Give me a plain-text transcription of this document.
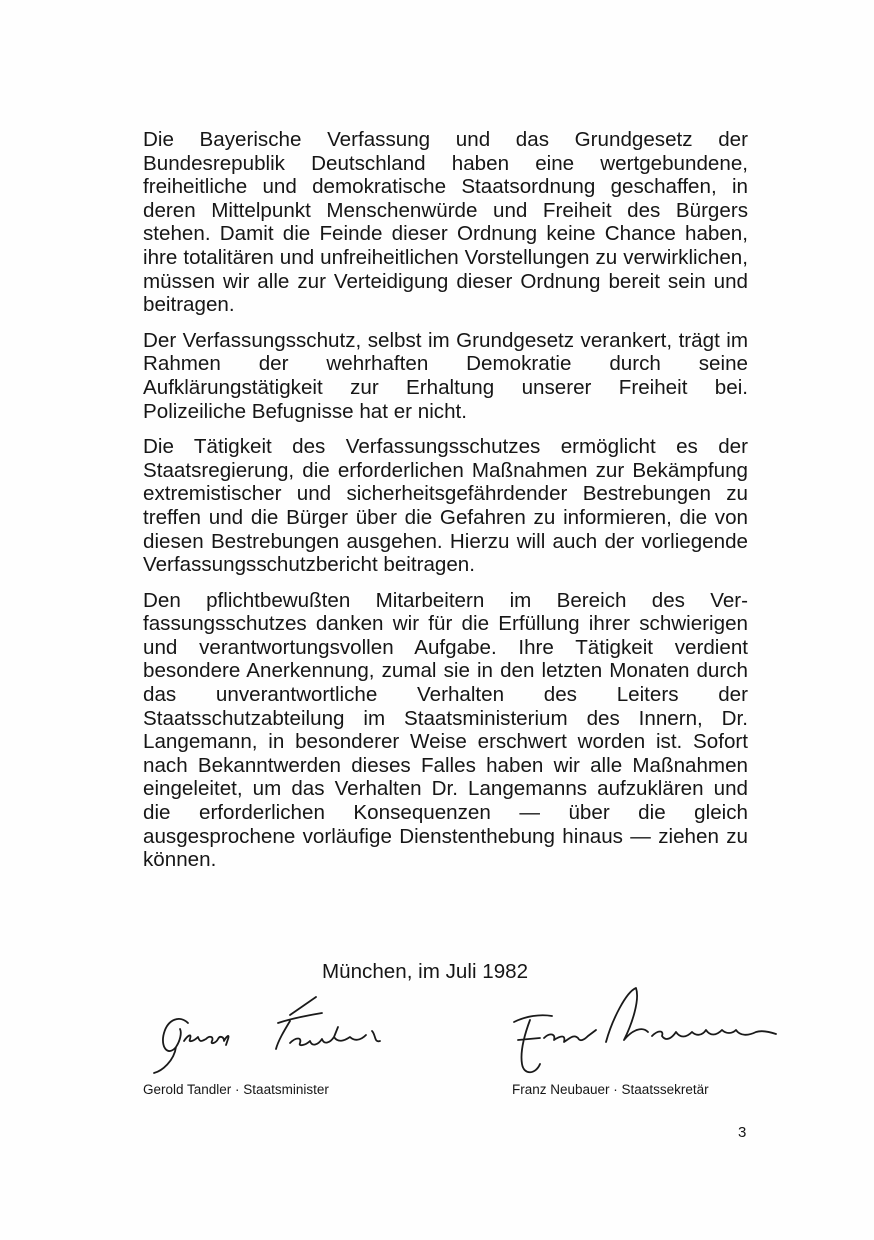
Die Bayerische Verfassung und das Grundgesetz der Bundesrepublik Deutschland haben eine wertgebundene, freiheitliche und demokratische Staatsordnung geschaffen, in deren Mittelpunkt Menschenwürde und Freiheit des Bürgers stehen. Damit die Feinde dieser Ordnung keine Chance haben, ihre totalitären und unfreiheitlichen Vorstellungen zu verwirklichen, müssen wir alle zur Verteidigung dieser Ordnung bereit sein und beitragen.

Der Verfassungsschutz, selbst im Grundgesetz verankert, trägt im Rahmen der wehrhaften Demokratie durch seine Aufklärungstätigkeit zur Erhaltung unserer Freiheit bei. Polizeiliche Befugnisse hat er nicht.

Die Tätigkeit des Verfassungsschutzes ermöglicht es der Staatsregierung, die erforderlichen Maßnahmen zur Bekämpfung extremistischer und sicherheitsgefährdender Bestrebungen zu treffen und die Bürger über die Gefahren zu informieren, die von diesen Bestrebungen ausgehen. Hierzu will auch der vorliegende Verfassungsschutzbericht beitragen.

Den pflichtbewußten Mitarbeitern im Bereich des Verfassungsschutzes danken wir für die Erfüllung ihrer schwierigen und verantwortungsvollen Aufgabe. Ihre Tätigkeit verdient besondere Anerkennung, zumal sie in den letzten Monaten durch das unverantwortliche Verhalten des Leiters der Staatsschutzabteilung im Staatsministerium des Innern, Dr. Langemann, in besonderer Weise erschwert worden ist. Sofort nach Bekanntwerden dieses Falles haben wir alle Maßnahmen eingeleitet, um das Verhalten Dr. Langemanns aufzuklären und die erforderlichen Konsequenzen — über die gleich ausgesprochene vorläufige Dienstenthebung hinaus — ziehen zu können.

München, im Juli 1982
Gerold Tandler · Staatsminister	Franz Neubauer · Staatssekretär
3
